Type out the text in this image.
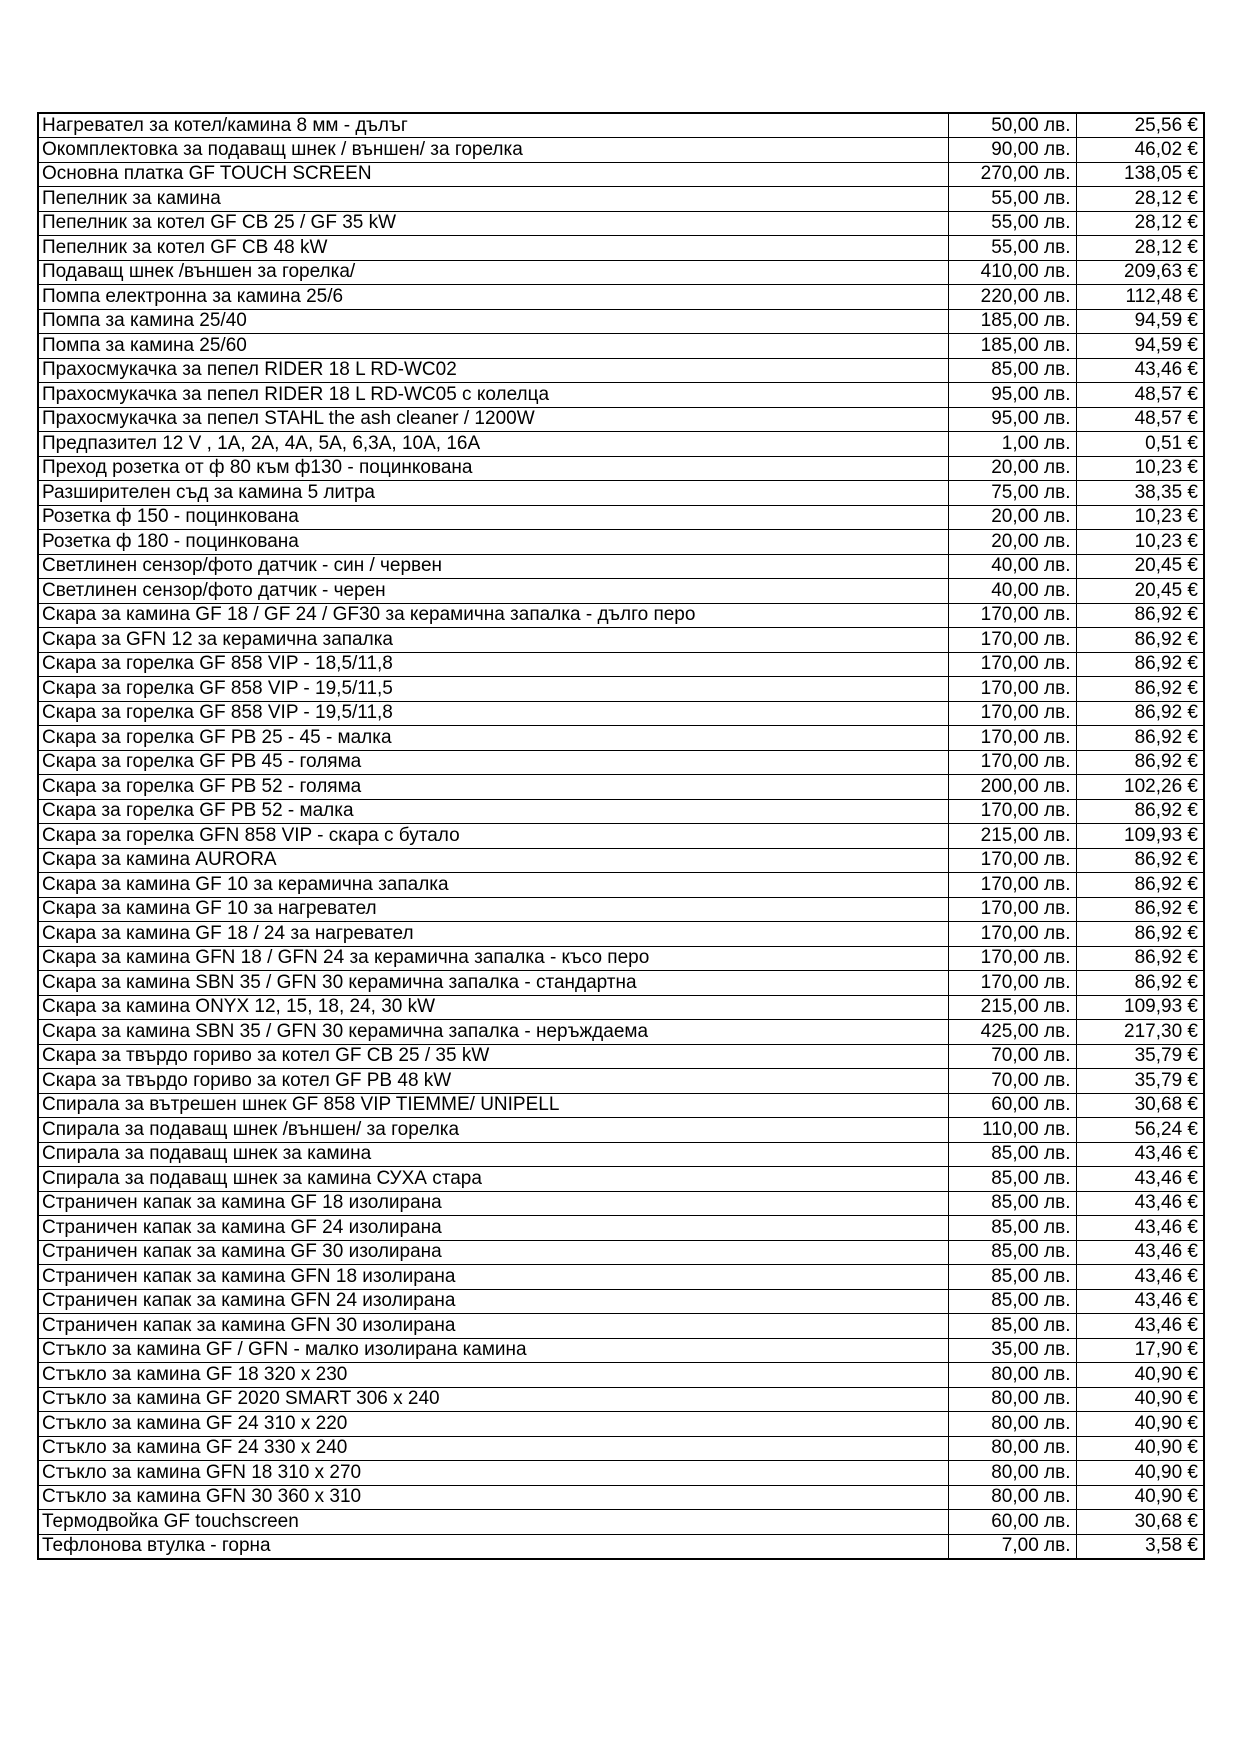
Нагревател за котел/камина 8 мм - дълъг	50,00 лв.	25,56 €
Окомплектовка за подаващ шнек / външен/ за горелка	90,00 лв.	46,02 €
Основна платка GF TOUCH SCREEN	270,00 лв.	138,05 €
Пепелник за камина	55,00 лв.	28,12 €
Пепелник за котел GF CB 25 / GF 35 kW	55,00 лв.	28,12 €
Пепелник за котел GF CB 48 kW	55,00 лв.	28,12 €
Подаващ шнек /външен за горелка/	410,00 лв.	209,63 €
Помпа електронна за камина 25/6	220,00 лв.	112,48 €
Помпа за камина 25/40	185,00 лв.	94,59 €
Помпа за камина 25/60	185,00 лв.	94,59 €
Прахосмукачка за пепел RIDER 18 L RD-WC02	85,00 лв.	43,46 €
Прахосмукачка за пепел RIDER 18 L RD-WC05 с колелца	95,00 лв.	48,57 €
Прахосмукачка за пепел STAHL the ash cleaner / 1200W	95,00 лв.	48,57 €
Предпазител 12 V , 1A, 2A, 4A, 5A, 6,3A, 10A, 16A	1,00 лв.	0,51 €
Преход розетка от ф 80 към ф130 - поцинкована	20,00 лв.	10,23 €
Разширителен съд за камина 5 литра	75,00 лв.	38,35 €
Розетка ф 150 - поцинкована	20,00 лв.	10,23 €
Розетка ф 180 - поцинкована	20,00 лв.	10,23 €
Светлинен сензор/фото датчик - син / червен	40,00 лв.	20,45 €
Светлинен сензор/фото датчик - черен	40,00 лв.	20,45 €
Скара за камина GF 18 / GF 24 / GF30 за керамична запалка - дълго перо	170,00 лв.	86,92 €
Скара за GFN 12 за керамична запалка	170,00 лв.	86,92 €
Скара за горелка GF 858 VIP - 18,5/11,8	170,00 лв.	86,92 €
Скара за горелка GF 858 VIP - 19,5/11,5	170,00 лв.	86,92 €
Скара за горелка GF 858 VIP - 19,5/11,8	170,00 лв.	86,92 €
Скара за горелка GF PB 25 - 45 - малка	170,00 лв.	86,92 €
Скара за горелка GF PB 45 - голяма	170,00 лв.	86,92 €
Скара за горелка GF PB 52 - голяма	200,00 лв.	102,26 €
Скара за горелка GF PB 52 - малка	170,00 лв.	86,92 €
Скара за горелка GFN 858 VIP - скара с бутало	215,00 лв.	109,93 €
Скара за камина AURORA	170,00 лв.	86,92 €
Скара за камина GF 10 за керамична запалка	170,00 лв.	86,92 €
Скара за камина GF 10 за нагревател	170,00 лв.	86,92 €
Скара за камина GF 18 / 24 за нагревател	170,00 лв.	86,92 €
Скара за камина GFN 18 / GFN 24 за керамична запалка - късо перо	170,00 лв.	86,92 €
Скара за камина SBN 35 / GFN 30 керамична запалка - стандартна	170,00 лв.	86,92 €
Скара за камина ONYX 12, 15, 18, 24, 30 kW	215,00 лв.	109,93 €
Скара за камина SBN 35 / GFN 30 керамична запалка - неръждаема	425,00 лв.	217,30 €
Скара за твърдо гориво за котел GF CB 25 / 35 kW	70,00 лв.	35,79 €
Скара за твърдо гориво за котел GF PB 48 kW	70,00 лв.	35,79 €
Спирала за вътрешен шнек GF 858 VIP TIEMME/ UNIPELL	60,00 лв.	30,68 €
Спирала за подаващ шнек /външен/ за горелка	110,00 лв.	56,24 €
Спирала за подаващ шнек за камина	85,00 лв.	43,46 €
Спирала за подаващ шнек за камина СУХА стара	85,00 лв.	43,46 €
Страничен капак за камина GF 18 изолирана	85,00 лв.	43,46 €
Страничен капак за камина GF 24 изолирана	85,00 лв.	43,46 €
Страничен капак за камина GF 30 изолирана	85,00 лв.	43,46 €
Страничен капак за камина GFN 18 изолирана	85,00 лв.	43,46 €
Страничен капак за камина GFN 24 изолирана	85,00 лв.	43,46 €
Страничен капак за камина GFN 30 изолирана	85,00 лв.	43,46 €
Стъкло за камина GF / GFN - малко изолирана камина	35,00 лв.	17,90 €
Стъкло за камина GF 18 320 x 230	80,00 лв.	40,90 €
Стъкло за камина GF 2020 SMART 306 x 240	80,00 лв.	40,90 €
Стъкло за камина GF 24 310 x 220	80,00 лв.	40,90 €
Стъкло за камина GF 24 330 x 240	80,00 лв.	40,90 €
Стъкло за камина GFN 18 310 x 270	80,00 лв.	40,90 €
Стъкло за камина GFN 30 360 x 310	80,00 лв.	40,90 €
Термодвойка GF touchscreen	60,00 лв.	30,68 €
Тефлонова втулка - горна	7,00 лв.	3,58 €
